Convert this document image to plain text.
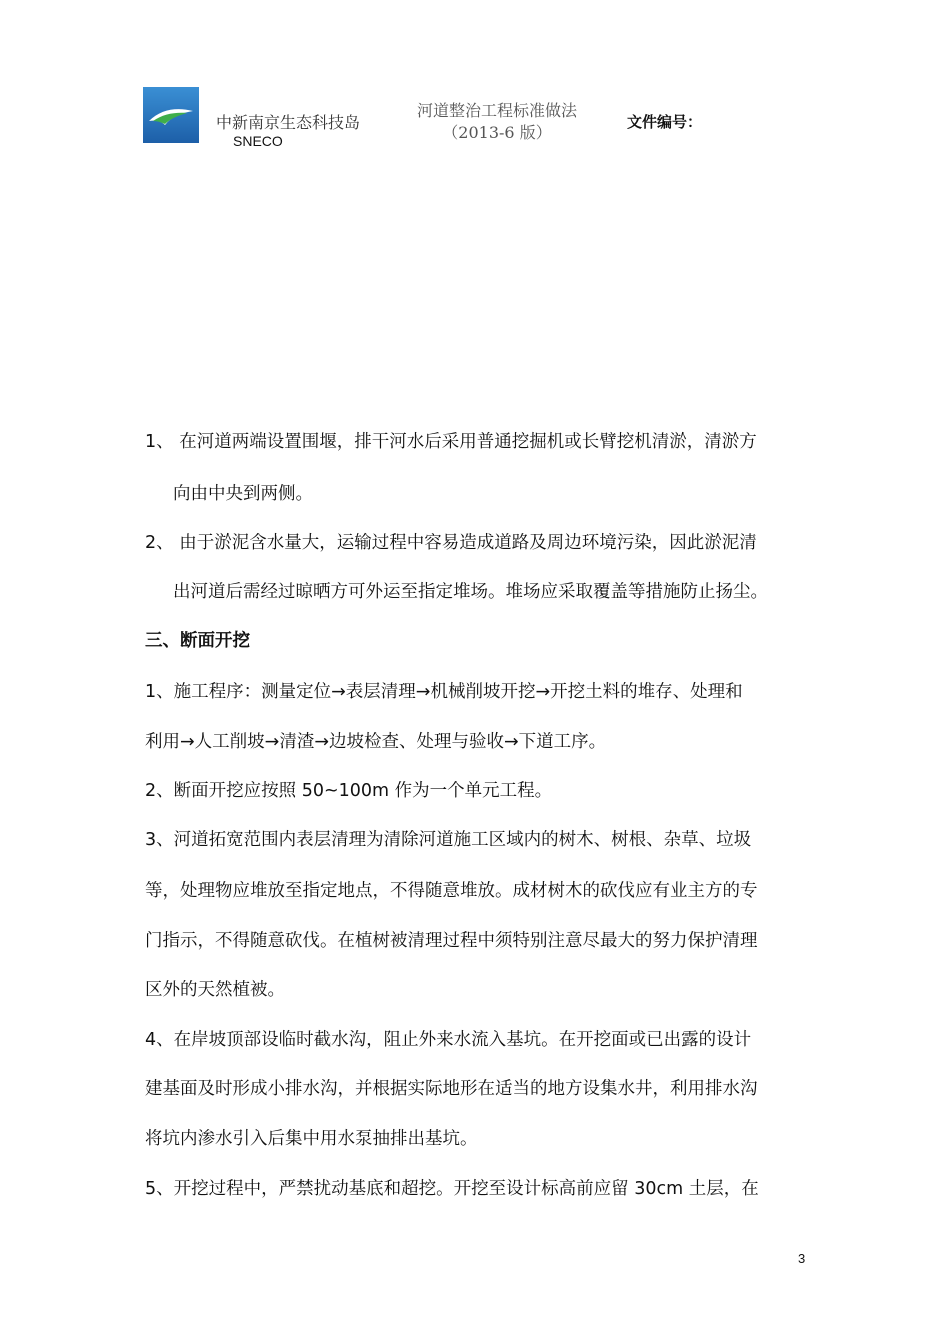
中新南京生态科技岛
SNECO
河道整治工程标准做法
（2013-6 版）
文件编号：
1、 在河道两端设置围堰，排干河水后采用普通挖掘机或长臂挖机清淤，清淤方
向由中央到两侧。
2、 由于淤泥含水量大，运输过程中容易造成道路及周边环境污染，因此淤泥清
出河道后需经过晾晒方可外运至指定堆场。堆场应采取覆盖等措施防止扬尘。
三、断面开挖
1、施工程序：测量定位→表层清理→机械削坡开挖→开挖土料的堆存、处理和
利用→人工削坡→清渣→边坡检查、处理与验收→下道工序。
2、断面开挖应按照 50~100m 作为一个单元工程。
3、河道拓宽范围内表层清理为清除河道施工区域内的树木、树根、杂草、垃圾
等，处理物应堆放至指定地点，不得随意堆放。成材树木的砍伐应有业主方的专
门指示，不得随意砍伐。在植树被清理过程中须特别注意尽最大的努力保护清理
区外的天然植被。
4、在岸坡顶部设临时截水沟，阻止外来水流入基坑。在开挖面或已出露的设计
建基面及时形成小排水沟，并根据实际地形在适当的地方设集水井，利用排水沟
将坑内渗水引入后集中用水泵抽排出基坑。
5、开挖过程中，严禁扰动基底和超挖。开挖至设计标高前应留 30cm 土层，在
3
